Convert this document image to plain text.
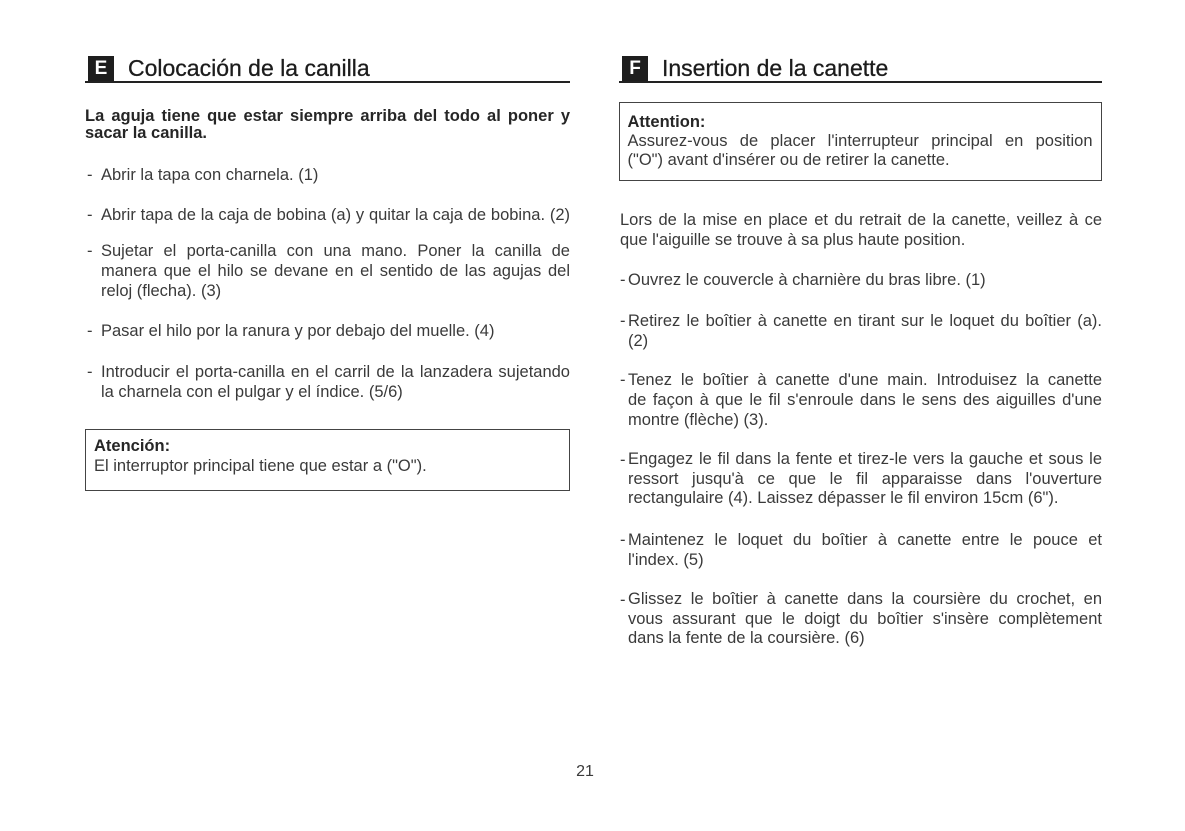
E Colocación de la canilla
La aguja tiene que estar siempre arriba del todo al poner y
sacar la canilla.
- Abrir la tapa con charnela. (1)
- Abrir tapa de la caja de bobina (a) y quitar la caja de bobina. (2)
- Sujetar el porta-canilla con una mano. Poner la canilla de
manera que el hilo se devane en el sentido de las agujas del
reloj (flecha). (3)
- Pasar el hilo por la ranura y por debajo del muelle. (4)
- Introducir el porta-canilla en el carril de la lanzadera sujetando
la charnela con el pulgar y el índice. (5/6)
Atención:
El interruptor principal tiene que estar a ("O").
F Insertion de la canette
Attention:
Assurez-vous de placer l'interrupteur principal en position
("O") avant d'insérer ou de retirer la canette.
Lors de la mise en place et du retrait de la canette, veillez à ce
que l'aiguille se trouve à sa plus haute position.
- Ouvrez le couvercle à charnière du bras libre. (1)
- Retirez le boîtier à canette en tirant sur le loquet du boîtier (a).
(2)
- Tenez le boîtier à canette d'une main. Introduisez la canette
de façon à que le fil s'enroule dans le sens des aiguilles d'une
montre (flèche) (3).
- Engagez le fil dans la fente et tirez-le vers la gauche et sous le
ressort jusqu'à ce que le fil apparaisse dans l'ouverture
rectangulaire (4). Laissez dépasser le fil environ 15cm (6").
- Maintenez le loquet du boîtier à canette entre le pouce et
l'index. (5)
- Glissez le boîtier à canette dans la coursière du crochet, en
vous assurant que le doigt du boîtier s'insère complètement
dans la fente de la coursière. (6)
21
